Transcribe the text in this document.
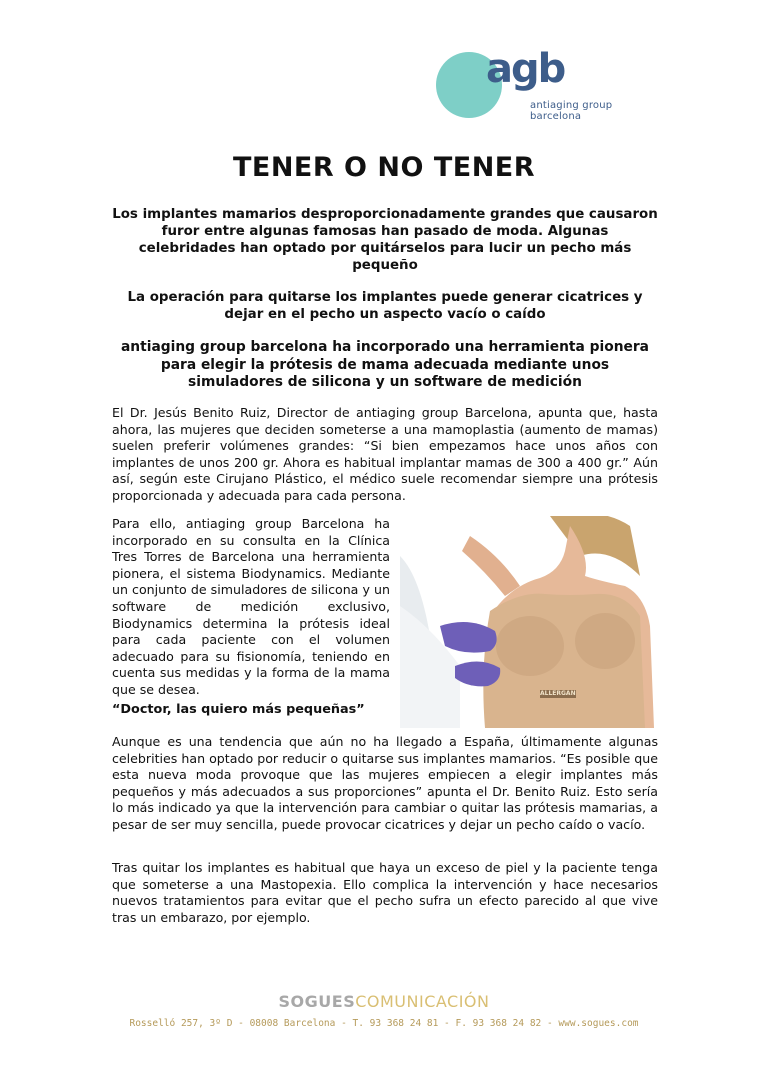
agb
antiaging group barcelona
TENER O NO TENER
Los implantes mamarios desproporcionadamente grandes que causaron furor entre algunas famosas han pasado de moda. Algunas celebridades han optado por quitárselos para lucir un pecho más pequeño
La operación para quitarse los implantes puede generar cicatrices y dejar en el pecho un aspecto vacío o caído
antiaging group barcelona ha incorporado una herramienta pionera para elegir la prótesis de mama adecuada mediante unos simuladores de silicona y un software de medición
El Dr. Jesús Benito Ruiz, Director de antiaging group Barcelona, apunta que, hasta ahora, las mujeres que deciden someterse a una mamoplastia (aumento de mamas) suelen preferir volúmenes grandes: “Si bien empezamos hace unos años con implantes de unos 200 gr. Ahora es habitual implantar mamas de 300 a 400 gr.” Aún así, según este Cirujano Plástico, el médico suele recomendar siempre una prótesis proporcionada y adecuada para cada persona.
Para ello, antiaging group Barcelona ha incorporado en su consulta en la Clínica Tres Torres de Barcelona una herramienta pionera, el sistema Biodynamics. Mediante un conjunto de simuladores de silicona y un software de medición exclusivo, Biodynamics determina la prótesis ideal para cada paciente con el volumen adecuado para su fisionomía, teniendo en cuenta sus medidas y la forma de la mama que se desea.	ALLERGAN
“Doctor, las quiero más pequeñas”
Aunque es una tendencia que aún no ha llegado a España, últimamente algunas celebrities han optado por reducir o quitarse sus implantes mamarios. “Es posible que esta nueva moda provoque que las mujeres empiecen a elegir implantes más pequeños y más adecuados a sus proporciones” apunta el Dr. Benito Ruiz. Esto sería lo más indicado ya que la intervención para cambiar o quitar las prótesis mamarias, a pesar de ser muy sencilla, puede provocar cicatrices y dejar un pecho caído o vacío.
Tras quitar los implantes es habitual que haya un exceso de piel y la paciente tenga que someterse a una Mastopexia. Ello complica la intervención y hace necesarios nuevos tratamientos para evitar que el pecho sufra un efecto parecido al que vive tras un embarazo, por ejemplo.
SOGUESCOMUNICACIÓN
Rosselló 257, 3º D - 08008 Barcelona - T. 93 368 24 81 - F. 93 368 24 82 - www.sogues.com
